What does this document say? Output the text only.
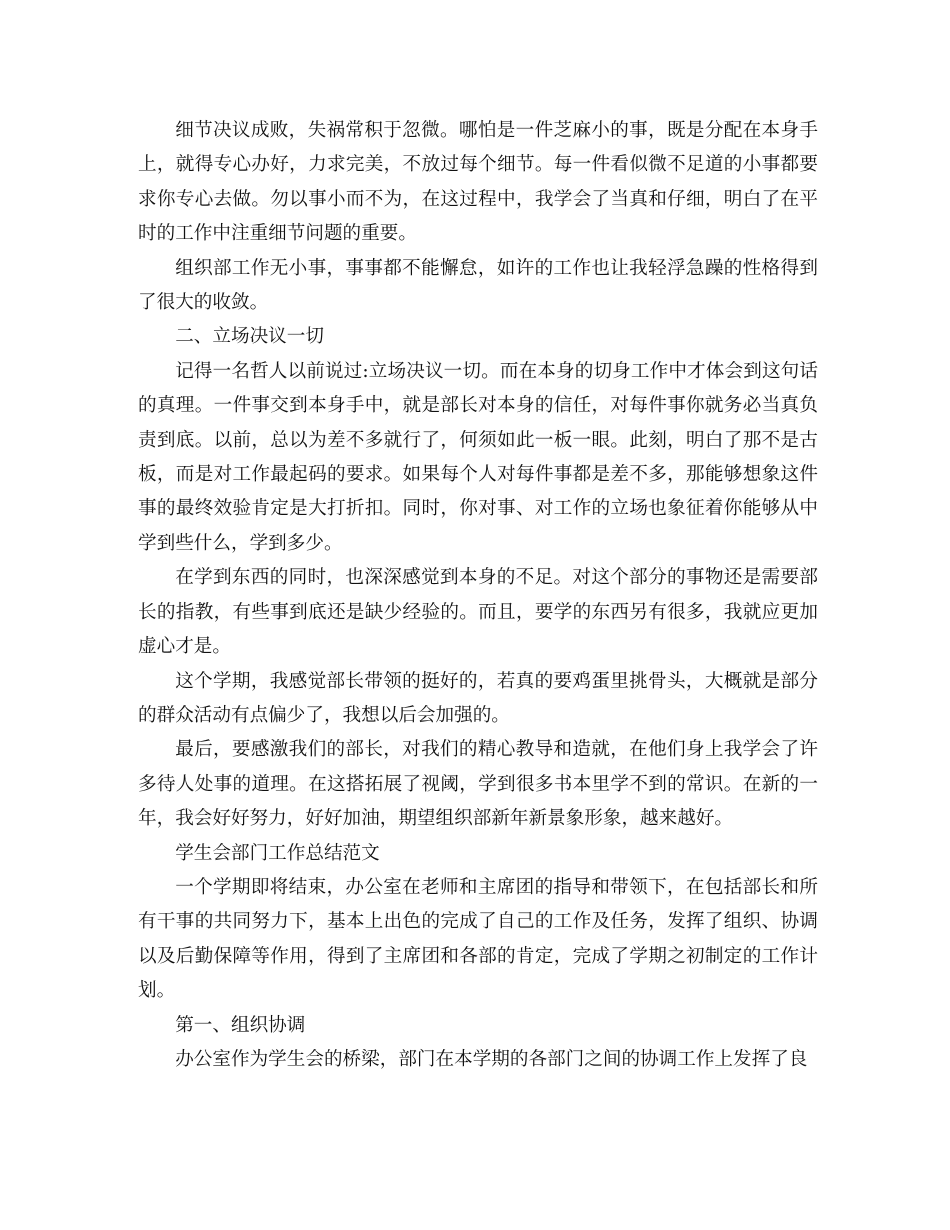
细节决议成败，失祸常积于忽微。哪怕是一件芝麻小的事，既是分配在本身手上，就得专心办好，力求完美，不放过每个细节。每一件看似微不足道的小事都要求你专心去做。勿以事小而不为，在这过程中，我学会了当真和仔细，明白了在平时的工作中注重细节问题的重要。

组织部工作无小事，事事都不能懈怠，如许的工作也让我轻浮急躁的性格得到了很大的收敛。

二、立场决议一切

记得一名哲人以前说过:立场决议一切。而在本身的切身工作中才体会到这句话的真理。一件事交到本身手中，就是部长对本身的信任，对每件事你就务必当真负责到底。以前，总以为差不多就行了，何须如此一板一眼。此刻，明白了那不是古板，而是对工作最起码的要求。如果每个人对每件事都是差不多，那能够想象这件事的最终效验肯定是大打折扣。同时，你对事、对工作的立场也象征着你能够从中学到些什么，学到多少。

在学到东西的同时，也深深感觉到本身的不足。对这个部分的事物还是需要部长的指教，有些事到底还是缺少经验的。而且，要学的东西另有很多，我就应更加虚心才是。

这个学期，我感觉部长带领的挺好的，若真的要鸡蛋里挑骨头，大概就是部分的群众活动有点偏少了，我想以后会加强的。

最后，要感激我们的部长，对我们的精心教导和造就，在他们身上我学会了许多待人处事的道理。在这搭拓展了视阈，学到很多书本里学不到的常识。在新的一年，我会好好努力，好好加油，期望组织部新年新景象形象，越来越好。

学生会部门工作总结范文

一个学期即将结束，办公室在老师和主席团的指导和带领下，在包括部长和所有干事的共同努力下，基本上出色的完成了自己的工作及任务，发挥了组织、协调以及后勤保障等作用，得到了主席团和各部的肯定，完成了学期之初制定的工作计划。

第一、组织协调

办公室作为学生会的桥梁，部门在本学期的各部门之间的协调工作上发挥了良
